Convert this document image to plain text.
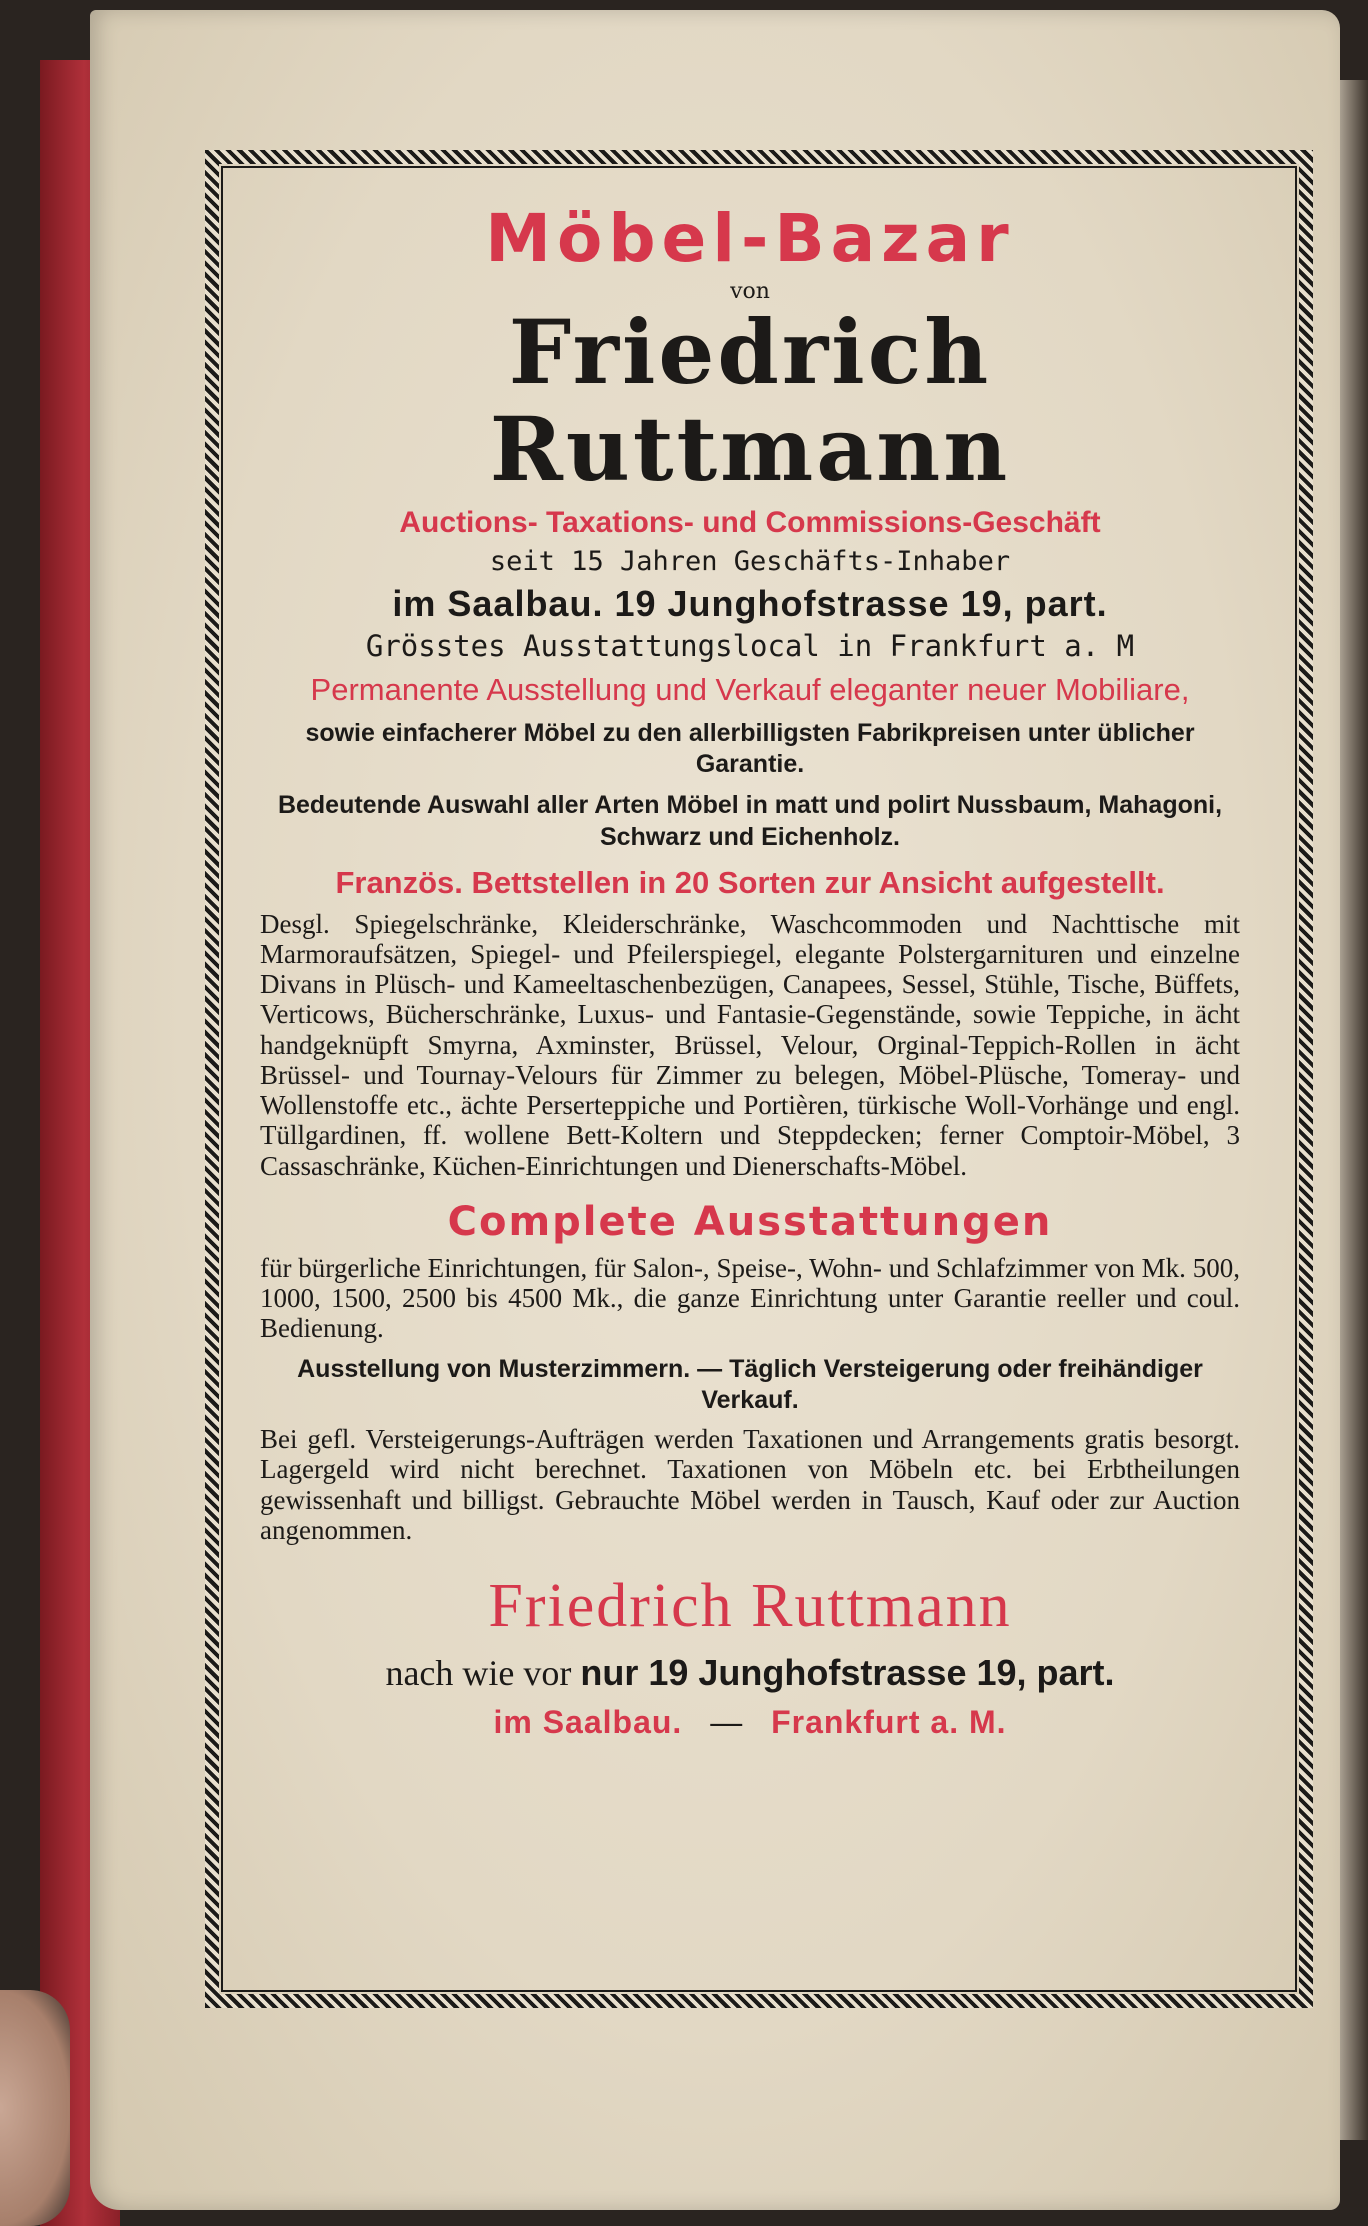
Möbel-Bazar

von

Friedrich Ruttmann

Auctions- Taxations- und Commissions-Geschäft

seit 15 Jahren Geschäfts-Inhaber

im Saalbau. 19 Junghofstrasse 19, part.

Grösstes Ausstattungslocal in Frankfurt a. M

Permanente Ausstellung und Verkauf eleganter neuer Mobiliare,

sowie einfacherer Möbel zu den allerbilligsten Fabrikpreisen unter üblicher Garantie.

Bedeutende Auswahl aller Arten Möbel in matt und polirt Nussbaum, Mahagoni, Schwarz und Eichenholz.

Französ. Bettstellen in 20 Sorten zur Ansicht aufgestellt.

Desgl. Spiegelschränke, Kleiderschränke, Waschcommoden und Nachttische mit Marmoraufsätzen, Spiegel- und Pfeilerspiegel, elegante Polstergarnituren und einzelne Divans in Plüsch- und Kameeltaschenbezügen, Canapees, Sessel, Stühle, Tische, Büffets, Verticows, Bücherschränke, Luxus- und Fantasie-Gegenstände, sowie Teppiche, in ächt handgeknüpft Smyrna, Axminster, Brüssel, Velour, Orginal-Teppich-Rollen in ächt Brüssel- und Tournay-Velours für Zimmer zu belegen, Möbel-Plüsche, Tomeray- und Wollenstoffe etc., ächte Perserteppiche und Portièren, türkische Woll-Vorhänge und engl. Tüllgardinen, ff. wollene Bett-Koltern und Steppdecken; ferner Comptoir-Möbel, 3 Cassaschränke, Küchen-Einrichtungen und Dienerschafts-Möbel.

Complete Ausstattungen

für bürgerliche Einrichtungen, für Salon-, Speise-, Wohn- und Schlafzimmer von Mk. 500, 1000, 1500, 2500 bis 4500 Mk., die ganze Einrichtung unter Garantie reeller und coul. Bedienung.

Ausstellung von Musterzimmern. — Täglich Versteigerung oder freihändiger Verkauf.

Bei gefl. Versteigerungs-Aufträgen werden Taxationen und Arrangements gratis besorgt. Lagergeld wird nicht berechnet. Taxationen von Möbeln etc. bei Erbtheilungen gewissenhaft und billigst. Gebrauchte Möbel werden in Tausch, Kauf oder zur Auction angenommen.

Friedrich Ruttmann

nach wie vor nur 19 Junghofstrasse 19, part.

im Saalbau. — Frankfurt a. M.
